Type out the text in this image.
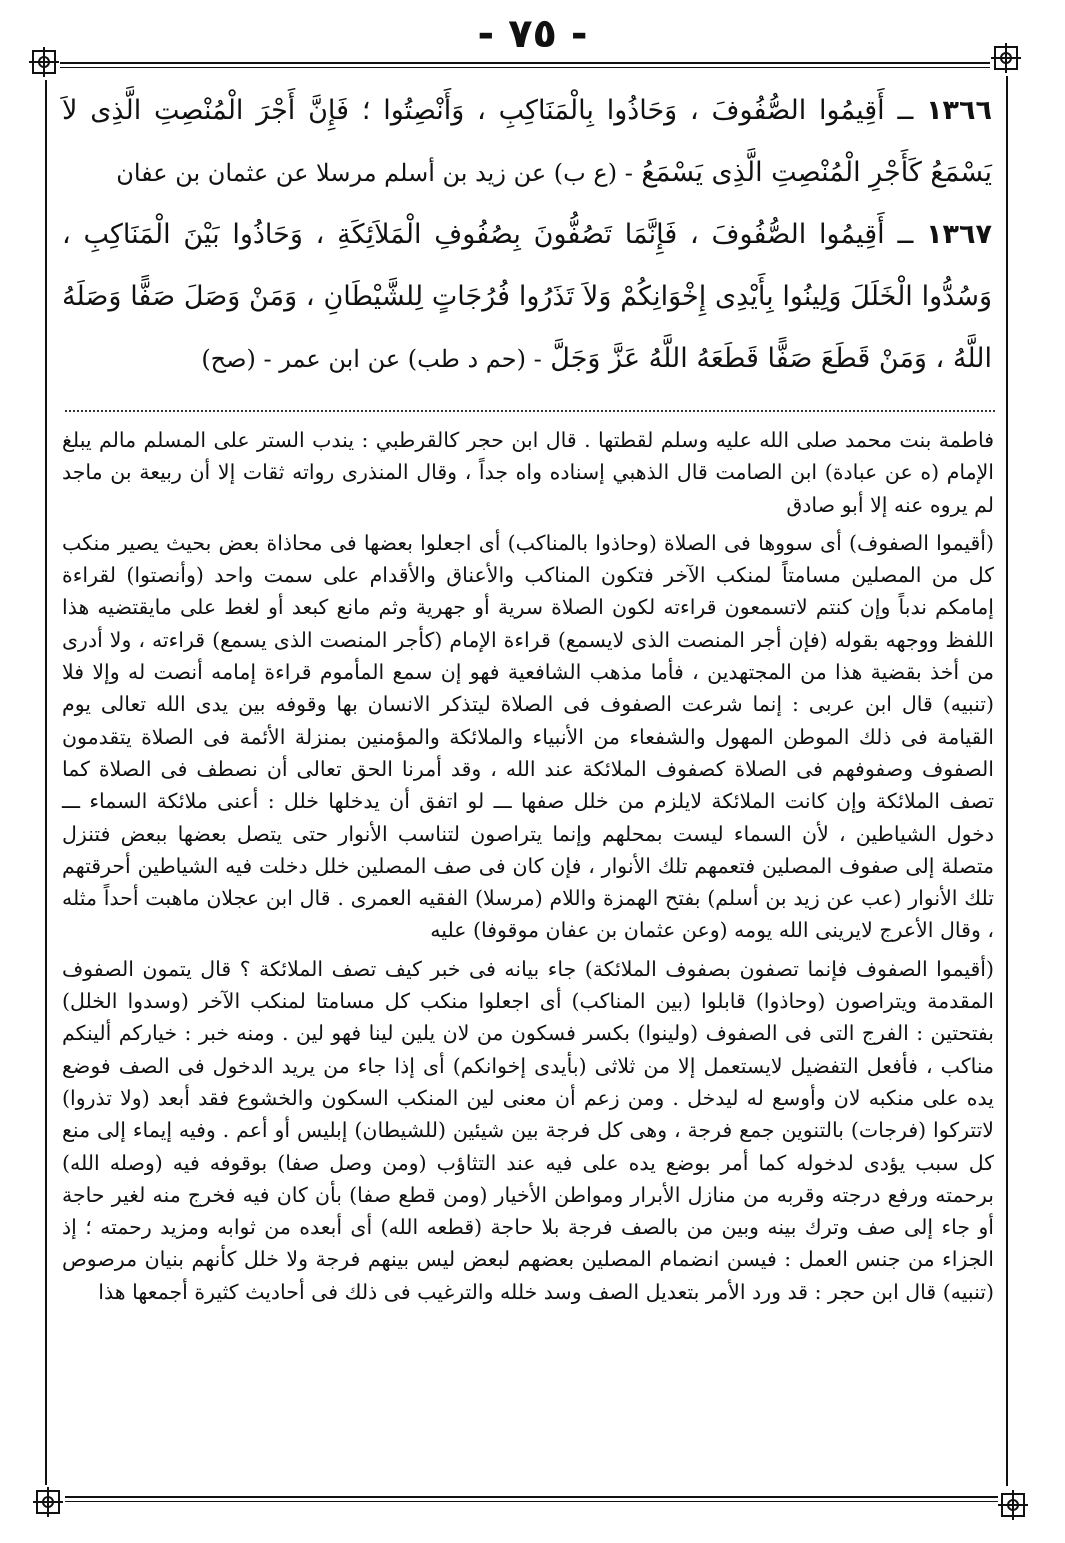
- ٧٥ -

١٣٦٦ ــ أَقِيمُوا الصُّفُوفَ ، وَحَاذُوا بِالْمَنَاكِبِ ، وَأَنْصِتُوا ؛ فَإِنَّ أَجْرَ الْمُنْصِتِ الَّذِى لاَ يَسْمَعُ كَأَجْرِ الْمُنْصِتِ الَّذِى يَسْمَعُ - (ع ب) عن زيد بن أسلم مرسلا عن عثمان بن عفان

١٣٦٧ ــ أَقِيمُوا الصُّفُوفَ ، فَإِنَّمَا تَصُفُّونَ بِصُفُوفِ الْمَلاَئِكَةِ ، وَحَاذُوا بَيْنَ الْمَنَاكِبِ ، وَسُدُّوا الْخَلَلَ وَلِينُوا بِأَيْدِى إِخْوَانِكُمْ وَلاَ تَذَرُوا فُرُجَاتٍ لِلشَّيْطَانِ ، وَمَنْ وَصَلَ صَفًّا وَصَلَهُ اللَّهُ ، وَمَنْ قَطَعَ صَفًّا قَطَعَهُ اللَّهُ عَزَّ وَجَلَّ - (حم د طب) عن ابن عمر - (صح)

فاطمة بنت محمد صلى الله عليه وسلم لقطتها . قال ابن حجر كالقرطبي : يندب الستر على المسلم مالم يبلغ الإمام (ه عن عبادة) ابن الصامت قال الذهبي إسناده واه جداً ، وقال المنذرى رواته ثقات إلا أن ربيعة بن ماجد لم يروه عنه إلا أبو صادق

(أقيموا الصفوف) أى سووها فى الصلاة (وحاذوا بالمناكب) أى اجعلوا بعضها فى محاذاة بعض بحيث يصير منكب كل من المصلين مسامتاً لمنكب الآخر فتكون المناكب والأعناق والأقدام على سمت واحد (وأنصتوا) لقراءة إمامكم ندباً وإن كنتم لاتسمعون قراءته لكون الصلاة سرية أو جهرية وثم مانع كبعد أو لغط على مايقتضيه هذا اللفظ ووجهه بقوله (فإن أجر المنصت الذى لايسمع) قراءة الإمام (كأجر المنصت الذى يسمع) قراءته ، ولا أدرى من أخذ بقضية هذا من المجتهدين ، فأما مذهب الشافعية فهو إن سمع المأموم قراءة إمامه أنصت له وإلا فلا (تنبيه) قال ابن عربى : إنما شرعت الصفوف فى الصلاة ليتذكر الانسان بها وقوفه بين يدى الله تعالى يوم القيامة فى ذلك الموطن المهول والشفعاء من الأنبياء والملائكة والمؤمنين بمنزلة الأئمة فى الصلاة يتقدمون الصفوف وصفوفهم فى الصلاة كصفوف الملائكة عند الله ، وقد أمرنا الحق تعالى أن نصطف فى الصلاة كما تصف الملائكة وإن كانت الملائكة لايلزم من خلل صفها ـــ لو اتفق أن يدخلها خلل : أعنى ملائكة السماء ـــ دخول الشياطين ، لأن السماء ليست بمحلهم وإنما يتراصون لتناسب الأنوار حتى يتصل بعضها ببعض فتنزل متصلة إلى صفوف المصلين فتعمهم تلك الأنوار ، فإن كان فى صف المصلين خلل دخلت فيه الشياطين أحرقتهم تلك الأنوار (عب عن زيد بن أسلم) بفتح الهمزة واللام (مرسلا) الفقيه العمرى . قال ابن عجلان ماهبت أحداً مثله ، وقال الأعرج لايرينى الله يومه (وعن عثمان بن عفان موقوفا) عليه

(أقيموا الصفوف فإنما تصفون بصفوف الملائكة) جاء بيانه فى خبر كيف تصف الملائكة ؟ قال يتمون الصفوف المقدمة ويتراصون (وحاذوا) قابلوا (بين المناكب) أى اجعلوا منكب كل مسامتا لمنكب الآخر (وسدوا الخلل) بفتحتين : الفرج التى فى الصفوف (ولينوا) بكسر فسكون من لان يلين لينا فهو لين . ومنه خبر : خياركم ألينكم مناكب ، فأفعل التفضيل لايستعمل إلا من ثلاثى (بأيدى إخوانكم) أى إذا جاء من يريد الدخول فى الصف فوضع يده على منكبه لان وأوسع له ليدخل . ومن زعم أن معنى لين المنكب السكون والخشوع فقد أبعد (ولا تذروا) لاتتركوا (فرجات) بالتنوين جمع فرجة ، وهى كل فرجة بين شيئين (للشيطان) إبليس أو أعم . وفيه إيماء إلى منع كل سبب يؤدى لدخوله كما أمر بوضع يده على فيه عند التثاؤب (ومن وصل صفا) بوقوفه فيه (وصله الله) برحمته ورفع درجته وقربه من منازل الأبرار ومواطن الأخيار (ومن قطع صفا) بأن كان فيه فخرج منه لغير حاجة أو جاء إلى صف وترك بينه وبين من بالصف فرجة بلا حاجة (قطعه الله) أى أبعده من ثوابه ومزيد رحمته ؛ إذ الجزاء من جنس العمل : فيسن انضمام المصلين بعضهم لبعض ليس بينهم فرجة ولا خلل كأنهم بنيان مرصوص (تنبيه) قال ابن حجر : قد ورد الأمر بتعديل الصف وسد خلله والترغيب فى ذلك فى أحاديث كثيرة أجمعها هذا
